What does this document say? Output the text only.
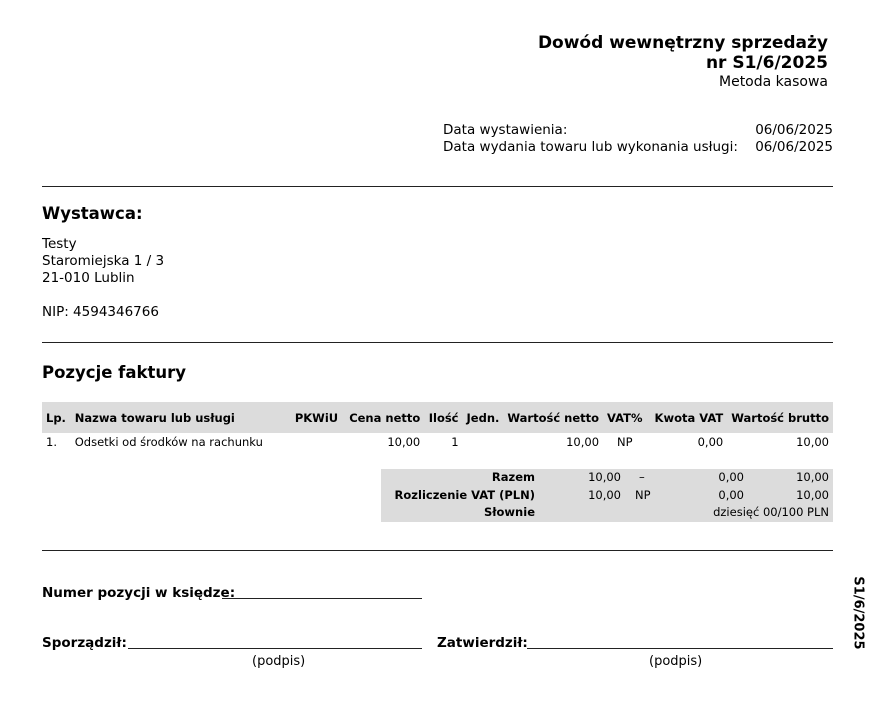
Dowód wewnętrzny sprzedaży
nr S1/6/2025
Metoda kasowa
Data wystawienia:	06/06/2025
Data wydania towaru lub wykonania usługi: 06/06/2025
Wystawca:
Testy
Staromiejska 1 / 3
21-010 Lublin
NIP: 4594346766
Pozycje faktury
Lp.	Nazwa towaru lub usługi	PKWiU	Cena netto	Ilość	Jedn.	Wartość netto	VAT%	Kwota VAT	Wartość brutto
1.	Odsetki od środków na rachunku		10,00	1		10,00	NP	0,00	10,00
Razem	10,00 –	0,00	10,00
Rozliczenie VAT (PLN)	10,00 NP	0,00	10,00
Słownie	dziesięć 00/100 PLN
Numer pozycji w księdze:
Sporządził:
(podpis)
Zatwierdził:
(podpis)
S1/6/2025
